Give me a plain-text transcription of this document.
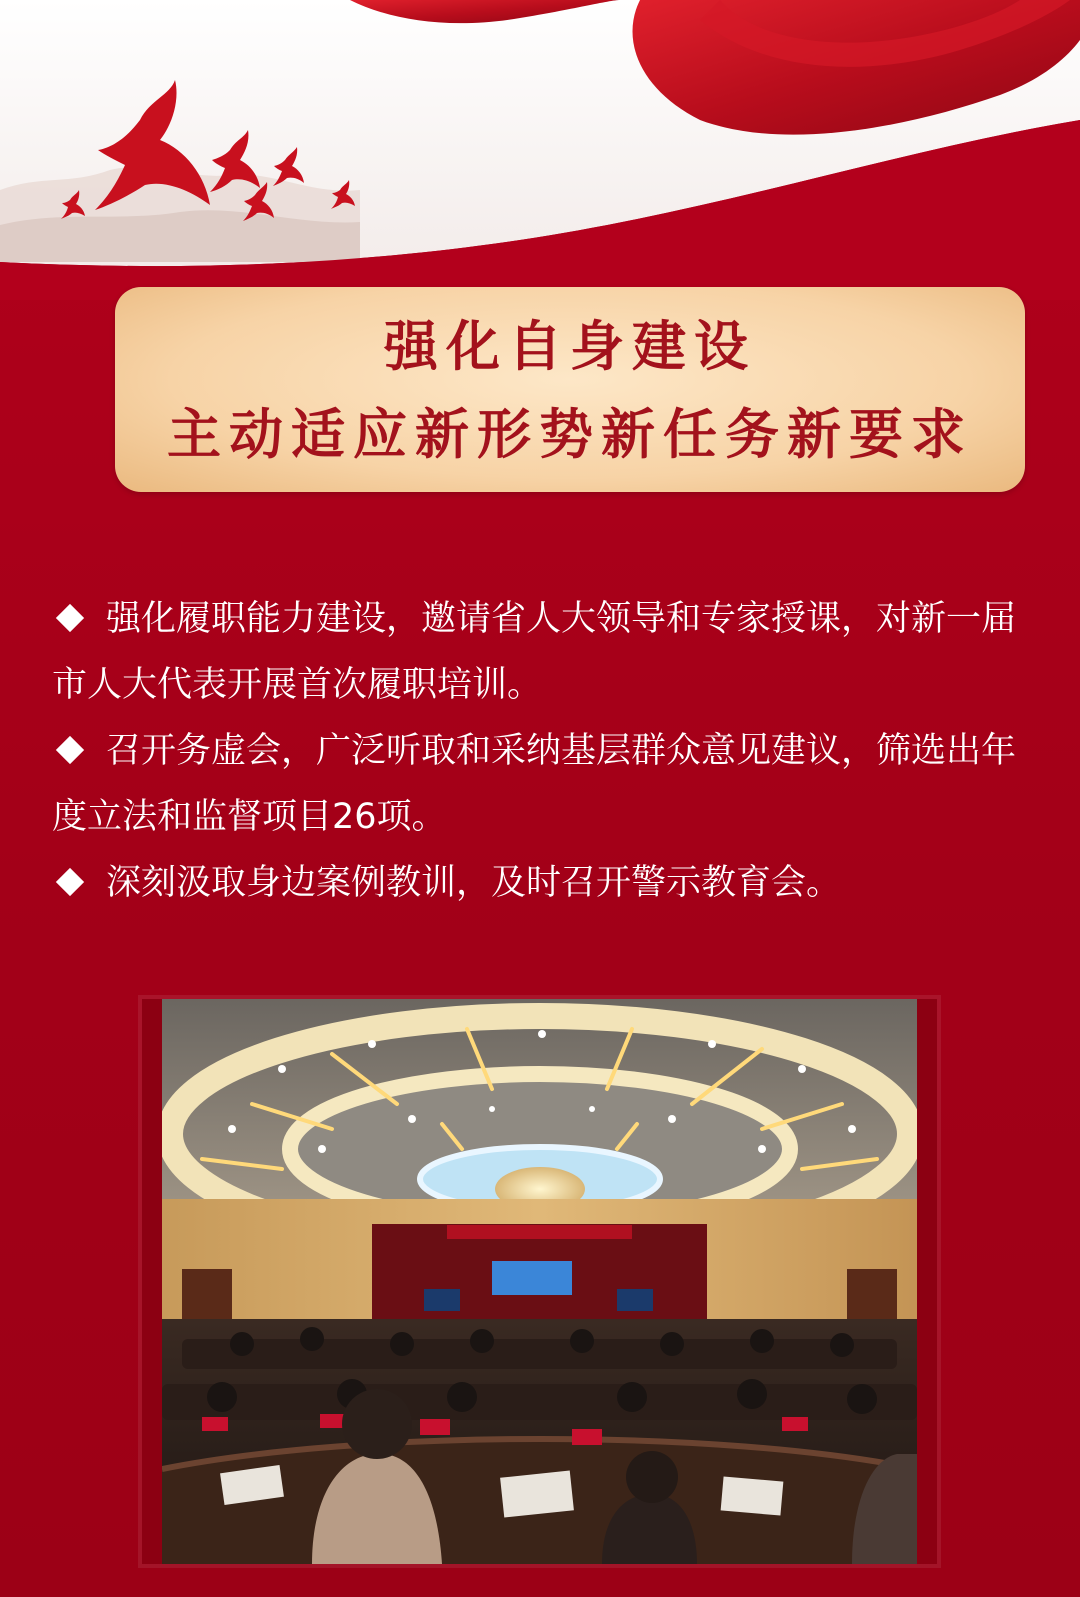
强化自身建设
主动适应新形势新任务新要求

强化履职能力建设，邀请省人大领导和专家授课，对新一届市人大代表开展首次履职培训。

召开务虚会，广泛听取和采纳基层群众意见建议，筛选出年度立法和监督项目26项。

深刻汲取身边案例教训，及时召开警示教育会。
